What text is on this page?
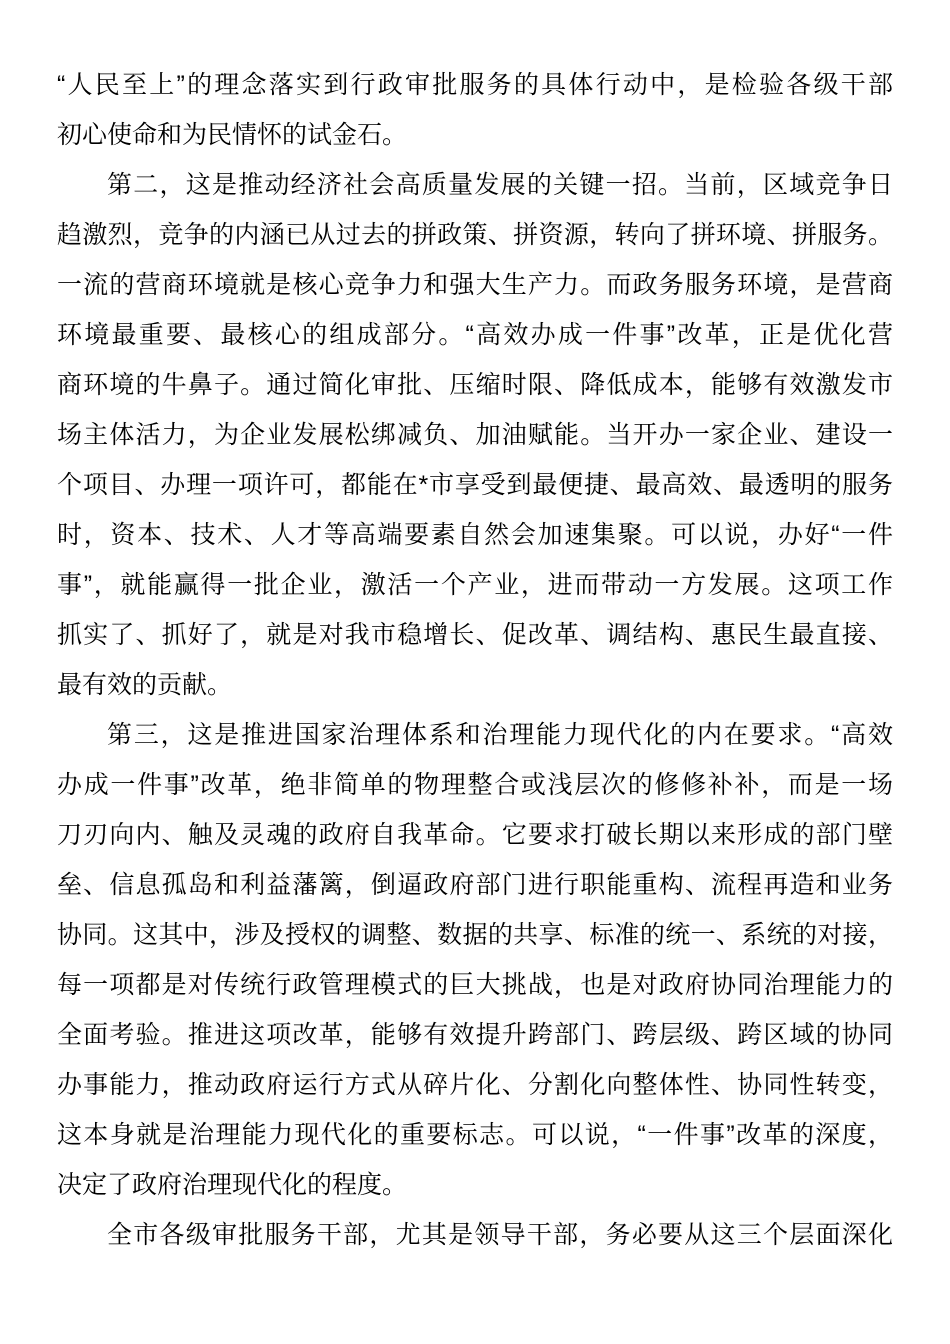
“人民至上”的理念落实到行政审批服务的具体行动中，是检验各级干部
初心使命和为民情怀的试金石。
第二，这是推动经济社会高质量发展的关键一招。当前，区域竞争日
趋激烈，竞争的内涵已从过去的拼政策、拼资源，转向了拼环境、拼服务。
一流的营商环境就是核心竞争力和强大生产力。而政务服务环境，是营商
环境最重要、最核心的组成部分。“高效办成一件事”改革，正是优化营
商环境的牛鼻子。通过简化审批、压缩时限、降低成本，能够有效激发市
场主体活力，为企业发展松绑减负、加油赋能。当开办一家企业、建设一
个项目、办理一项许可，都能在*市享受到最便捷、最高效、最透明的服务
时，资本、技术、人才等高端要素自然会加速集聚。可以说，办好“一件
事”，就能赢得一批企业，激活一个产业，进而带动一方发展。这项工作
抓实了、抓好了，就是对我市稳增长、促改革、调结构、惠民生最直接、
最有效的贡献。
第三，这是推进国家治理体系和治理能力现代化的内在要求。“高效
办成一件事”改革，绝非简单的物理整合或浅层次的修修补补，而是一场
刀刃向内、触及灵魂的政府自我革命。它要求打破长期以来形成的部门壁
垒、信息孤岛和利益藩篱，倒逼政府部门进行职能重构、流程再造和业务
协同。这其中，涉及授权的调整、数据的共享、标准的统一、系统的对接，
每一项都是对传统行政管理模式的巨大挑战，也是对政府协同治理能力的
全面考验。推进这项改革，能够有效提升跨部门、跨层级、跨区域的协同
办事能力，推动政府运行方式从碎片化、分割化向整体性、协同性转变，
这本身就是治理能力现代化的重要标志。可以说，“一件事”改革的深度，
决定了政府治理现代化的程度。
全市各级审批服务干部，尤其是领导干部，务必要从这三个层面深化
